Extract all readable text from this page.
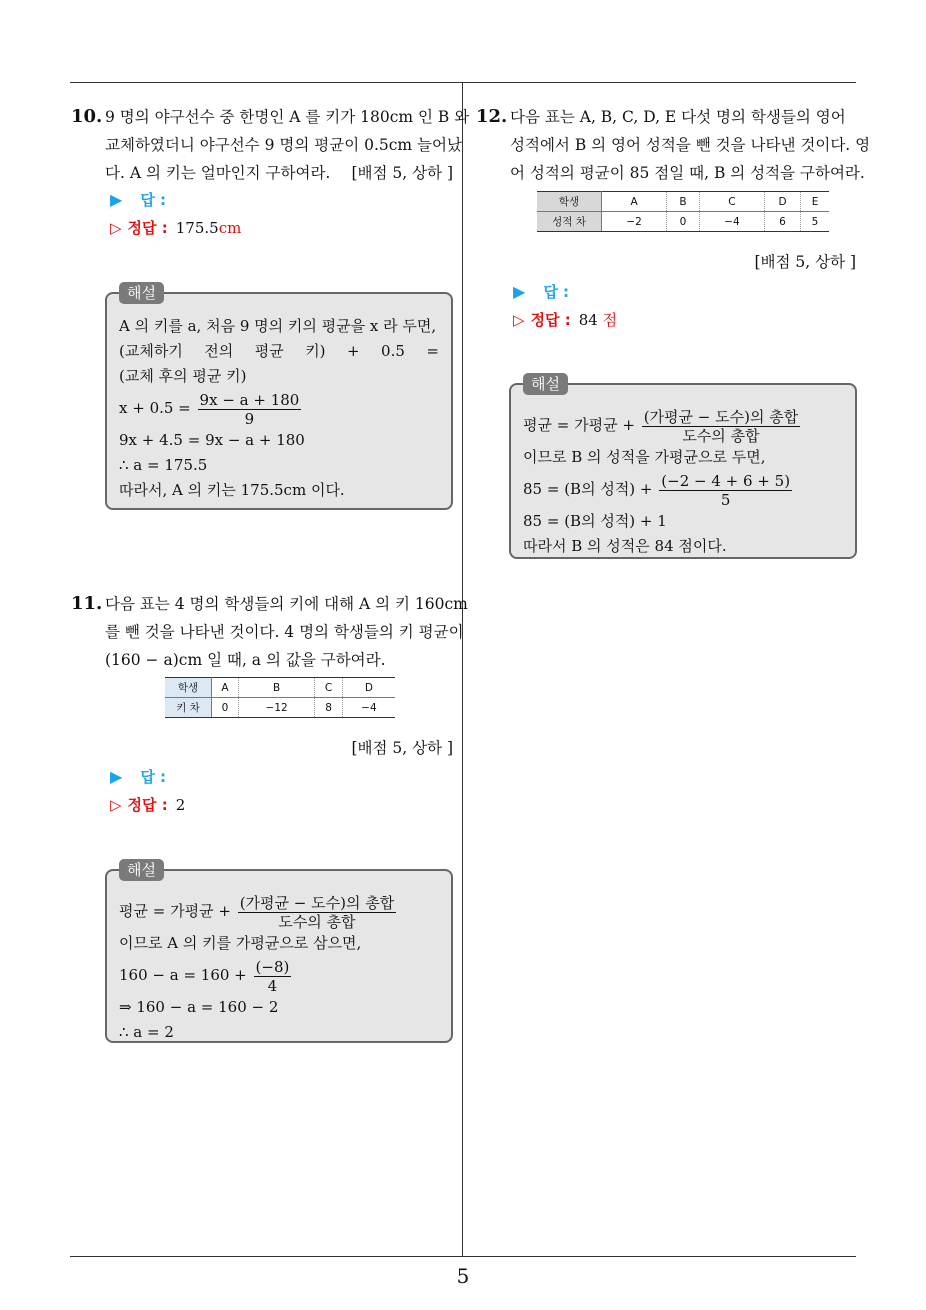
5
10. 9 명의 야구선수 중 한명인 A 를 키가 180cm 인 B 와

교체하였더니 야구선수 9 명의 평균이 0.5cm 늘어났

다. A 의 키는 얼마인지 구하여라. [배점 5, 상하 ]
▶ 답 :
▷ 정답 : 175.5cm
해설
A 의 키를 a, 처음 9 명의 키의 평균을 x 라 두면,
(교체하기 전의 평균 키) + 0.5 =
(교체 후의 평균 키)
$x + 0.5 = \frac{9x - a + 180}{9}$
9x + 4.5 = 9x − a + 180
∴ a = 175.5
따라서, A 의 키는 175.5cm 이다.
11. 다음 표는 4 명의 학생들의 키에 대해 A 의 키 160cm

를 뺀 것을 나타낸 것이다. 4 명의 학생들의 키 평균이

(160 − a)cm 일 때, a 의 값을 구하여라.

학생	A	B	C	D
키 차	0	−12	8	−4
[배점 5, 상하 ]
▶ 답 :
▷ 정답 : 2
해설
평균 = 가평균 + $\frac{\text{(가평균 − 도수)의 총합}}{\text{도수의 총합}}$
이므로 A 의 키를 가평균으로 삼으면,
$160 - a = 160 + \frac{(-8)}{4}$
⇒ 160 − a = 160 − 2
∴ a = 2
12. 다음 표는 A, B, C, D, E 다섯 명의 학생들의 영어

성적에서 B 의 영어 성적을 뺀 것을 나타낸 것이다. 영

어 성적의 평균이 85 점일 때, B 의 성적을 구하여라.

학생	A	B	C	D	E
성적 차	−2	0	−4	6	5
[배점 5, 상하 ]
▶ 답 :
▷ 정답 : 84 점
해설
평균 = 가평균 + $\frac{\text{(가평균 − 도수)의 총합}}{\text{도수의 총합}}$
이므로 B 의 성적을 가평균으로 두면,
85 = (B의 성적) + $\frac{(-2 - 4 + 6 + 5)}{5}$
85 = (B의 성적) + 1
따라서 B 의 성적은 84 점이다.
